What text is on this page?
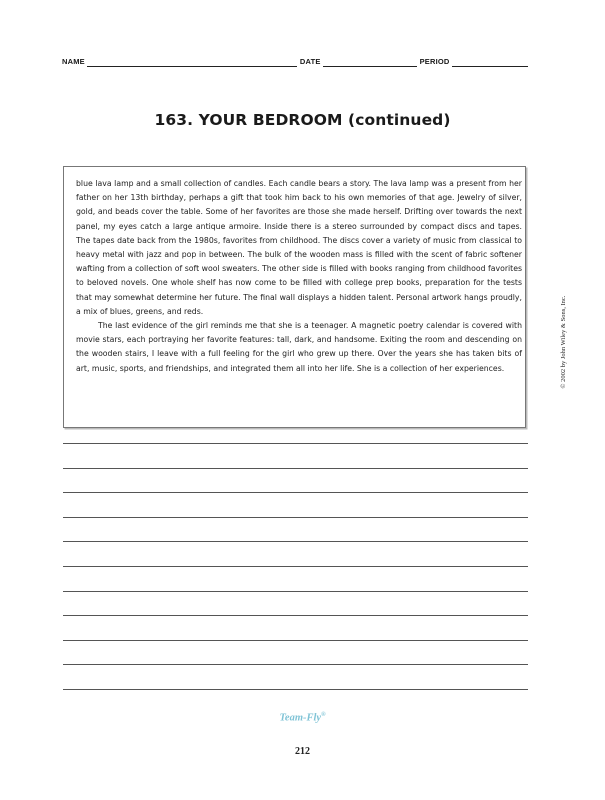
NAME	DATE	PERIOD
163. YOUR BEDROOM (continued)

blue lava lamp and a small collection of candles. Each candle bears a story. The lava lamp was a present from her father on her 13th birthday, perhaps a gift that took him back to his own memories of that age. Jewelry of silver, gold, and beads cover the table. Some of her favorites are those she made herself. Drifting over towards the next panel, my eyes catch a large antique armoire. Inside there is a stereo surrounded by compact discs and tapes. The tapes date back from the 1980s, favorites from childhood. The discs cover a variety of music from classical to heavy metal with jazz and pop in between. The bulk of the wooden mass is filled with the scent of fabric softener wafting from a collection of soft wool sweaters. The other side is filled with books ranging from childhood favorites to beloved novels. One whole shelf has now come to be filled with college prep books, preparation for the tests that may somewhat determine her future. The final wall displays a hidden talent. Personal artwork hangs proudly, a mix of blues, greens, and reds.

The last evidence of the girl reminds me that she is a teenager. A magnetic poetry calendar is covered with movie stars, each portraying her favorite features: tall, dark, and handsome. Exiting the room and descending on the wooden stairs, I leave with a full feeling for the girl who grew up there. Over the years she has taken bits of art, music, sports, and friendships, and integrated them all into her life. She is a collection of her experiences.	© 2002 by John Wiley & Sons, Inc.
Team-Fly®
212
